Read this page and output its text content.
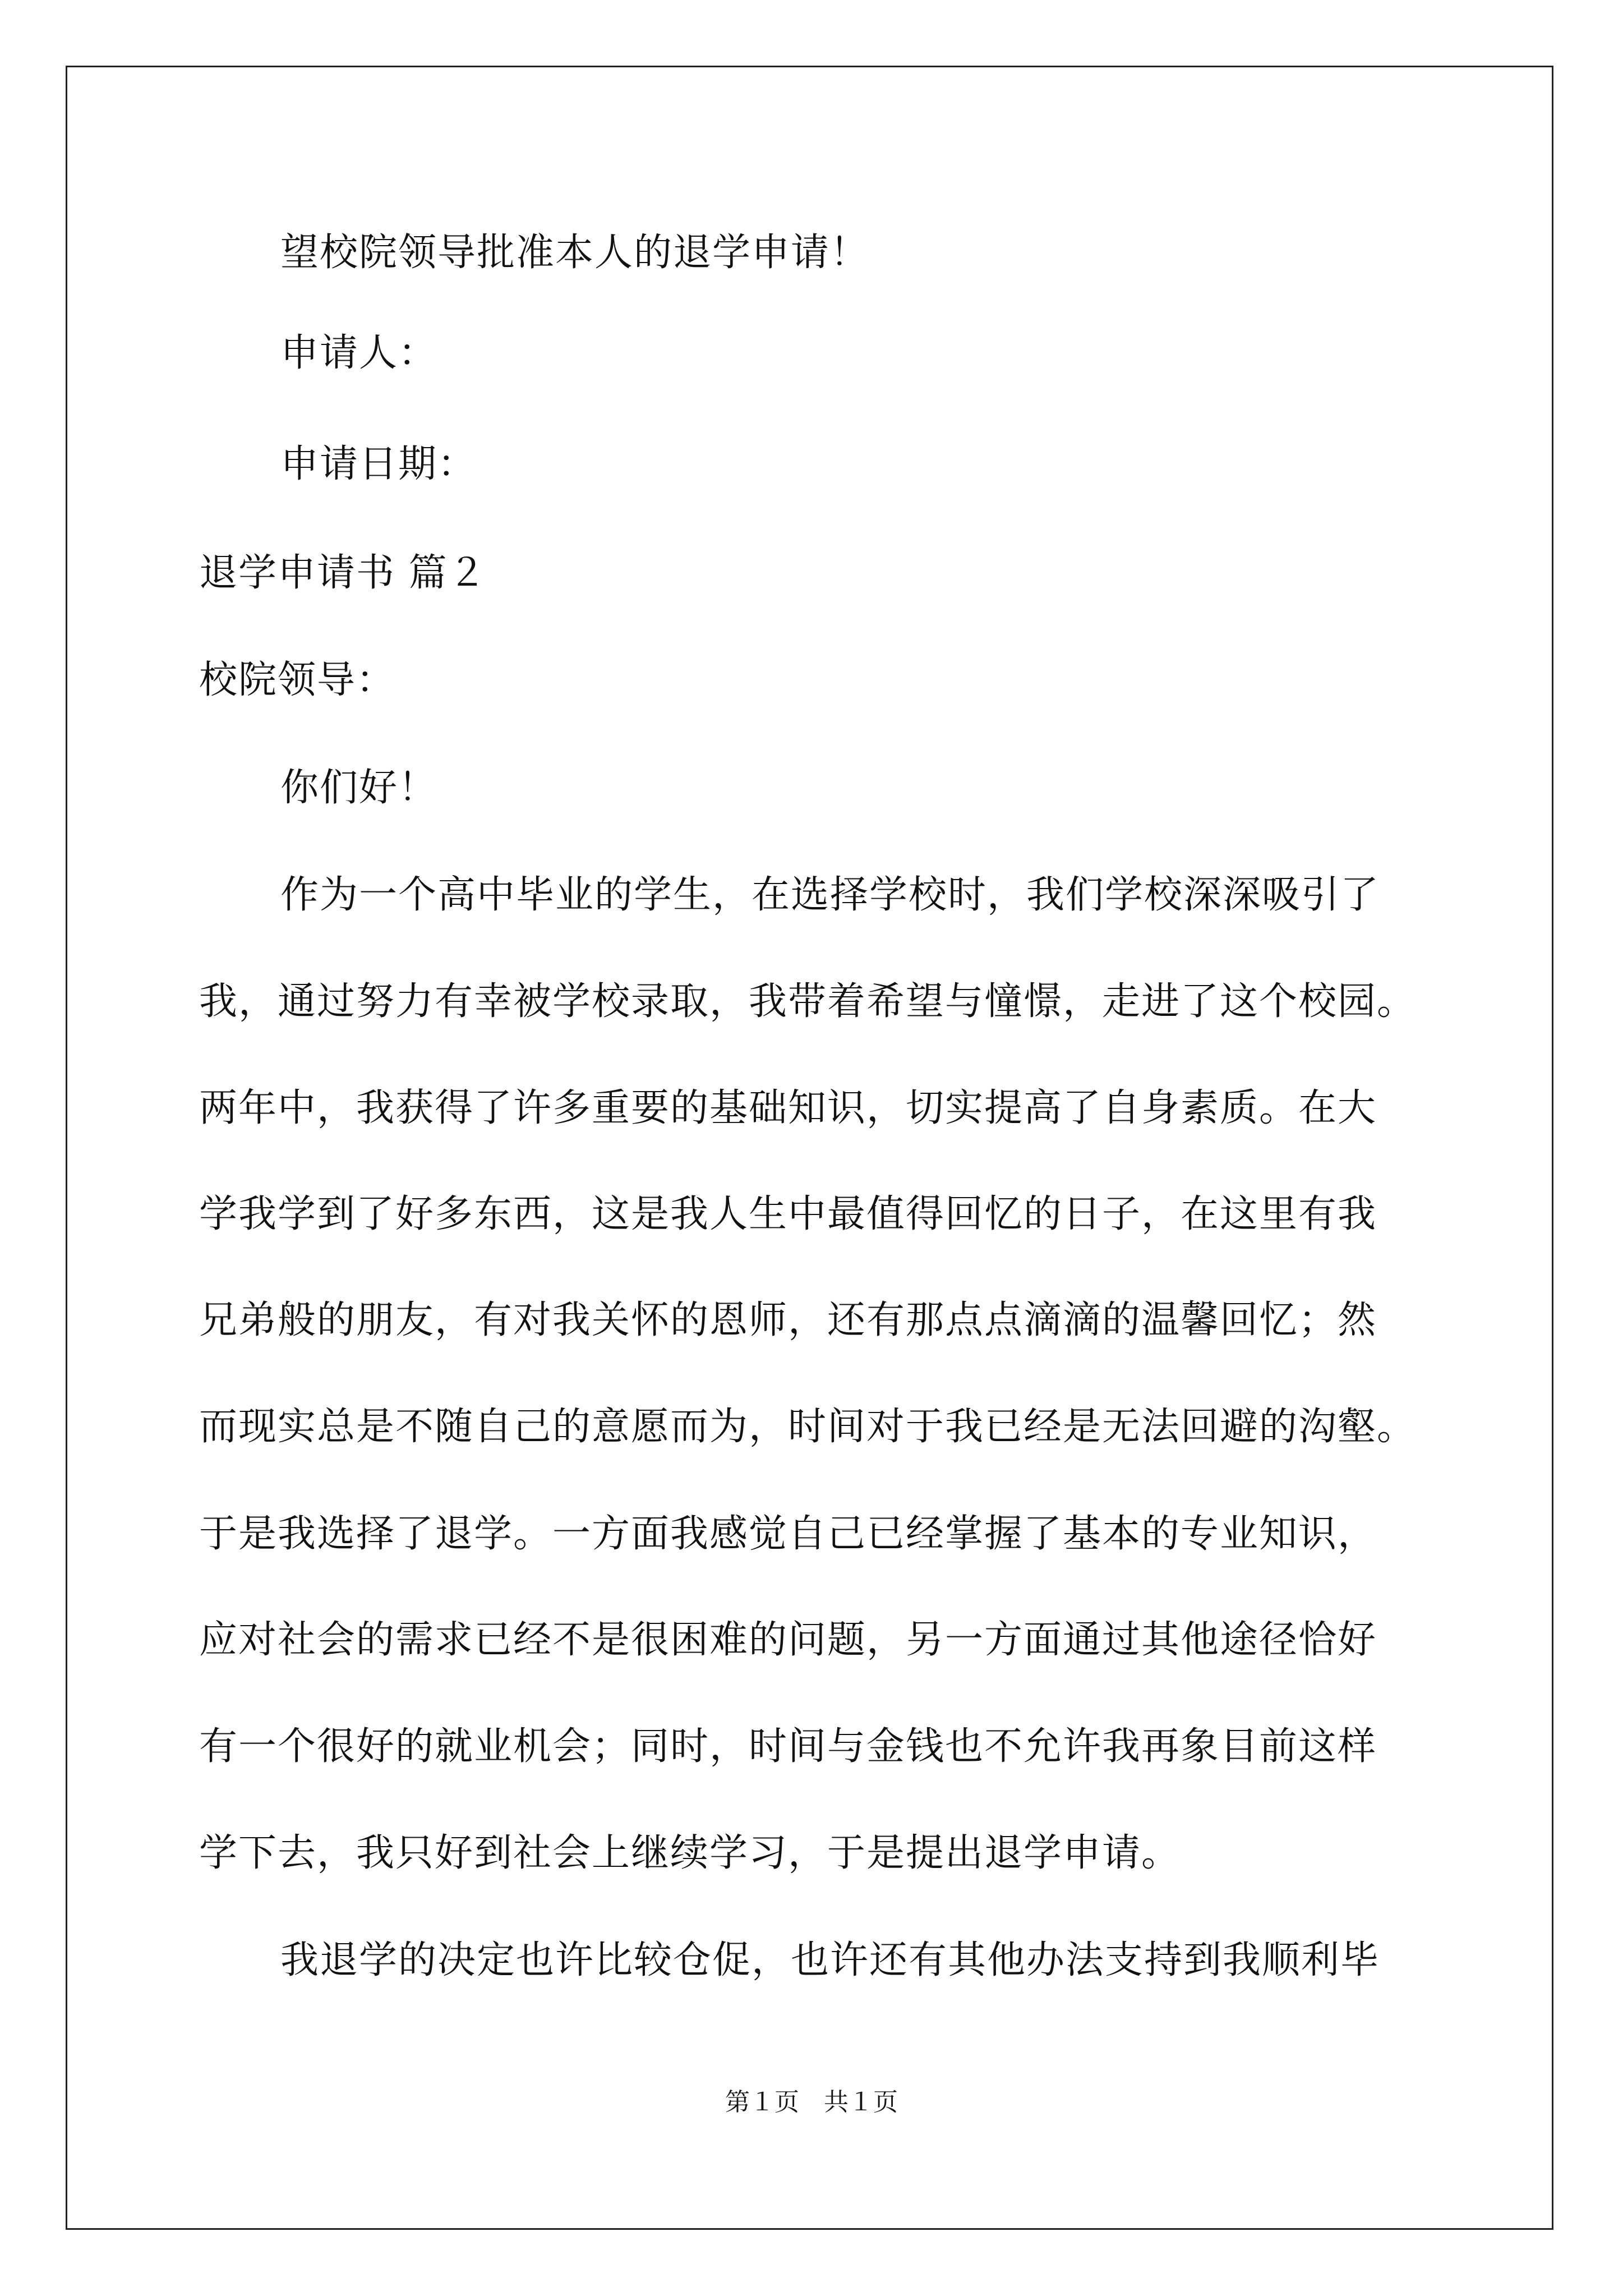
望校院领导批准本人的退学申请！
申请人：
申请日期：
退学申请书 篇２
校院领导：
你们好！
作为一个高中毕业的学生，在选择学校时，我们学校深深吸引了
我，通过努力有幸被学校录取，我带着希望与憧憬，走进了这个校园。
两年中，我获得了许多重要的基础知识，切实提高了自身素质。在大
学我学到了好多东西，这是我人生中最值得回忆的日子，在这里有我
兄弟般的朋友，有对我关怀的恩师，还有那点点滴滴的温馨回忆；然
而现实总是不随自己的意愿而为，时间对于我已经是无法回避的沟壑。
于是我选择了退学。一方面我感觉自己已经掌握了基本的专业知识，
应对社会的需求已经不是很困难的问题，另一方面通过其他途径恰好
有一个很好的就业机会；同时，时间与金钱也不允许我再象目前这样
学下去，我只好到社会上继续学习，于是提出退学申请。
我退学的决定也许比较仓促，也许还有其他办法支持到我顺利毕
第１页　共１页
